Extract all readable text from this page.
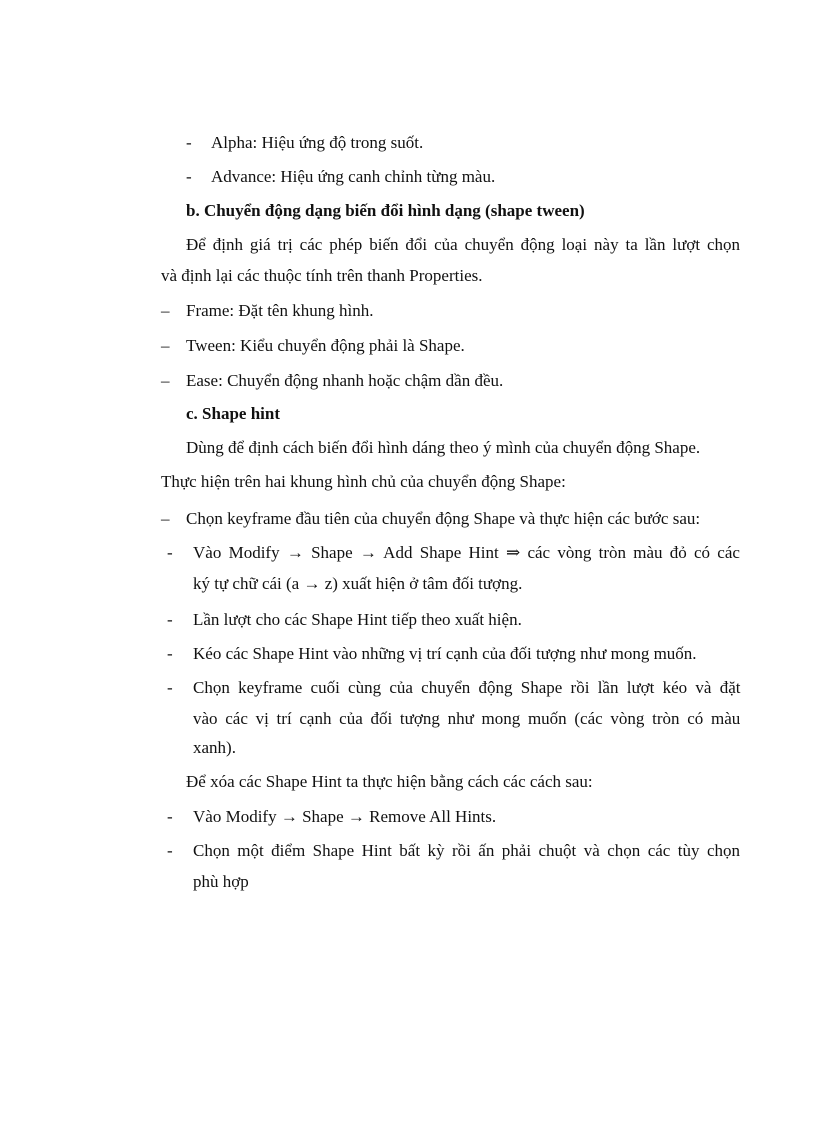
- Alpha: Hiệu ứng độ trong suốt.
- Advance: Hiệu ứng canh chỉnh từng màu.
b. Chuyển động dạng biến đổi hình dạng (shape tween)
Để định giá trị các phép biến đổi của chuyển động loại này ta lần lượt chọn
và định lại các thuộc tính trên thanh Properties.
– Frame: Đặt tên khung hình.
– Tween: Kiểu chuyển động phải là Shape.
– Ease: Chuyển động nhanh hoặc chậm dần đều.
c. Shape hint
Dùng để định cách biến đổi hình dáng theo ý mình của chuyển động Shape.
Thực hiện trên hai khung hình chủ của chuyển động Shape:
– Chọn keyframe đầu tiên của chuyển động Shape và thực hiện các bước sau:
- Vào Modify → Shape → Add Shape Hint ⇒ các vòng tròn màu đỏ có các
ký tự chữ cái (a → z) xuất hiện ở tâm đối tượng.
- Lần lượt cho các Shape Hint tiếp theo xuất hiện.
- Kéo các Shape Hint vào những vị trí cạnh của đối tượng như mong muốn.
- Chọn keyframe cuối cùng của chuyển động Shape rồi lần lượt kéo và đặt
vào các vị trí cạnh của đối tượng như mong muốn (các vòng tròn có màu
xanh).
Để xóa các Shape Hint ta thực hiện bằng cách các cách sau:
- Vào Modify → Shape → Remove All Hints.
- Chọn một điểm Shape Hint bất kỳ rồi ấn phải chuột và chọn các tùy chọn
phù hợp
